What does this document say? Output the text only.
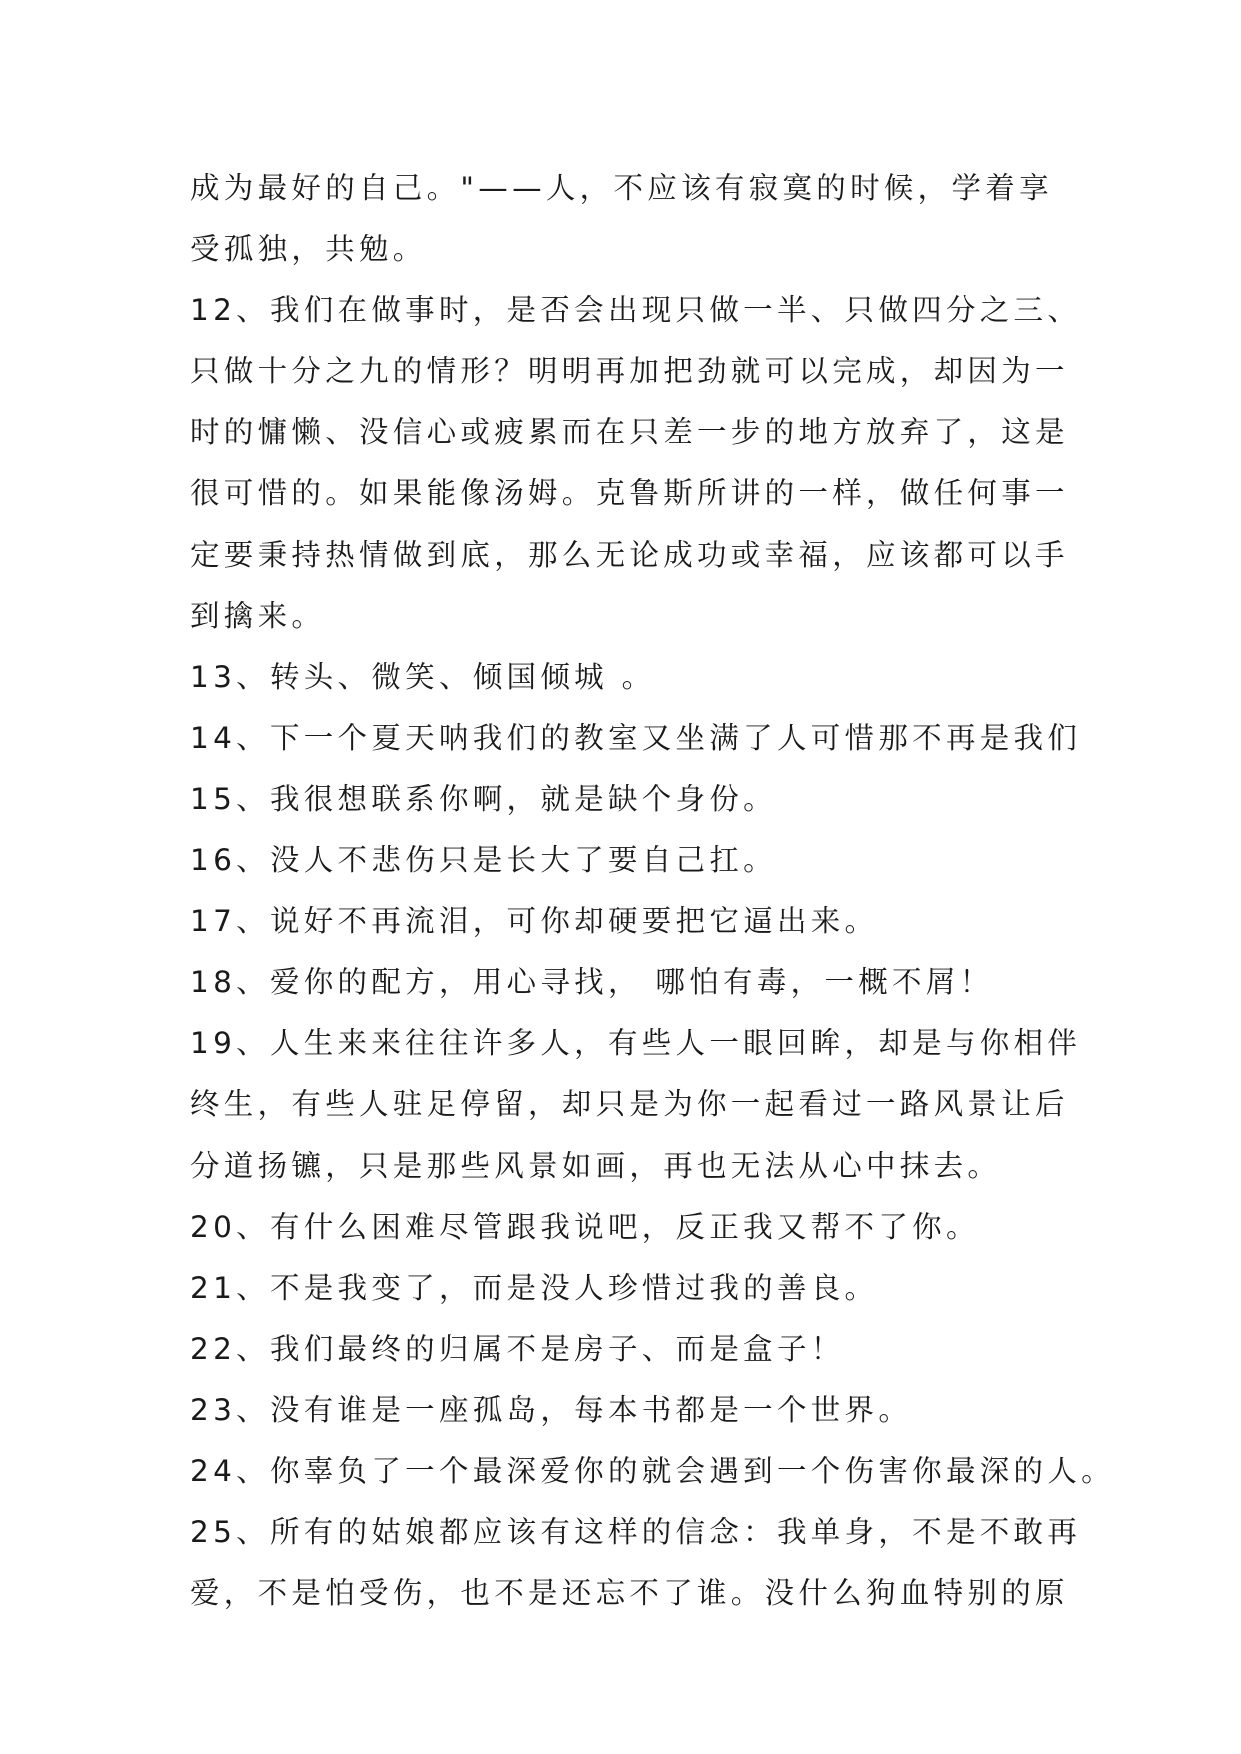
成为最好的自己。"——人，不应该有寂寞的时候，学着享
受孤独，共勉。
12、我们在做事时，是否会出现只做一半、只做四分之三、
只做十分之九的情形？明明再加把劲就可以完成，却因为一
时的慵懒、没信心或疲累而在只差一步的地方放弃了，这是
很可惜的。如果能像汤姆。克鲁斯所讲的一样，做任何事一
定要秉持热情做到底，那么无论成功或幸福，应该都可以手
到擒来。
13、转头、微笑、倾国倾城 。
14、下一个夏天呐我们的教室又坐满了人可惜那不再是我们
15、我很想联系你啊，就是缺个身份。
16、没人不悲伤只是长大了要自己扛。
17、说好不再流泪，可你却硬要把它逼出来。
18、爱你的配方，用心寻找， 哪怕有毒，一概不屑！
19、人生来来往往许多人，有些人一眼回眸，却是与你相伴
终生，有些人驻足停留，却只是为你一起看过一路风景让后
分道扬镳，只是那些风景如画，再也无法从心中抹去。
20、有什么困难尽管跟我说吧，反正我又帮不了你。
21、不是我变了，而是没人珍惜过我的善良。
22、我们最终的归属不是房子、而是盒子！
23、没有谁是一座孤岛，每本书都是一个世界。
24、你辜负了一个最深爱你的就会遇到一个伤害你最深的人。
25、所有的姑娘都应该有这样的信念：我单身，不是不敢再
爱，不是怕受伤，也不是还忘不了谁。没什么狗血特别的原
